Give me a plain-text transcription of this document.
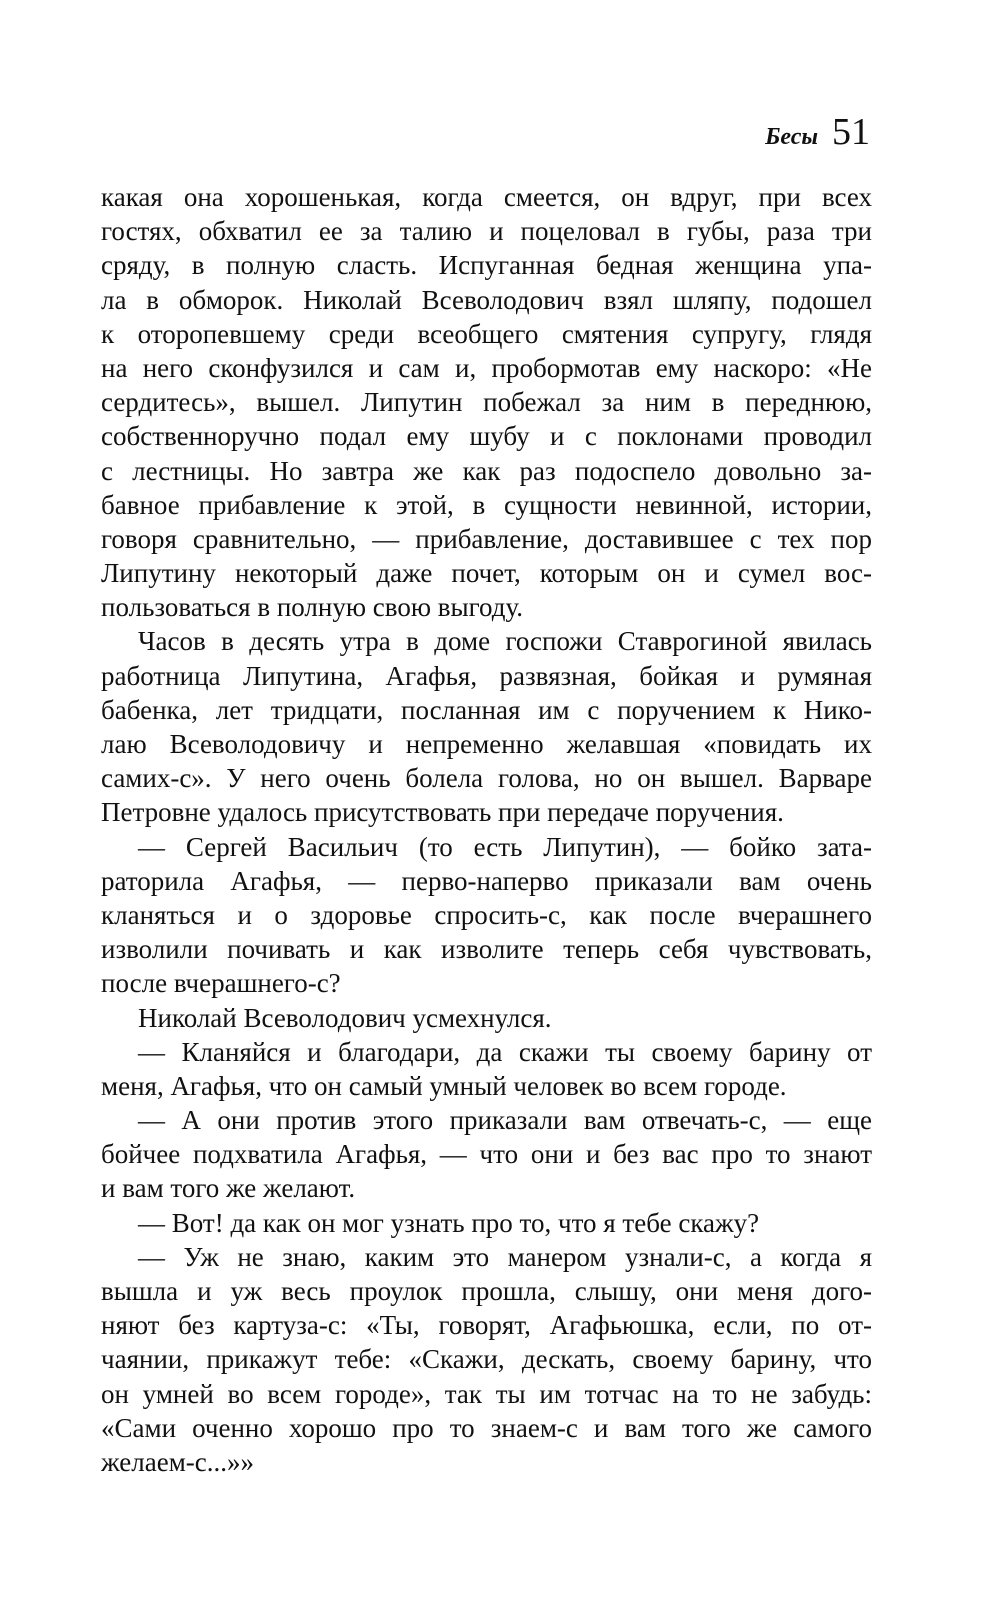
Бесы 51
какая она хорошенькая, когда смеется, он вдруг, при всех
гостях, обхватил ее за талию и поцеловал в губы, раза три
сряду, в полную сласть. Испуганная бедная женщина упа-
ла в обморок. Николай Всеволодович взял шляпу, подошел
к оторопевшему среди всеобщего смятения супругу, глядя
на него сконфузился и сам и, пробормотав ему наскоро: «Не
сердитесь», вышел. Липутин побежал за ним в переднюю,
собственноручно подал ему шубу и с поклонами проводил
с лестницы. Но завтра же как раз подоспело довольно за-
бавное прибавление к этой, в сущности невинной, истории,
говоря сравнительно, — прибавление, доставившее с тех пор
Липутину некоторый даже почет, которым он и сумел вос-
пользоваться в полную свою выгоду.
Часов в десять утра в доме госпожи Ставрогиной явилась
работница Липутина, Агафья, развязная, бойкая и румяная
бабенка, лет тридцати, посланная им с поручением к Нико-
лаю Всеволодовичу и непременно желавшая «повидать их
самих-с». У него очень болела голова, но он вышел. Варваре
Петровне удалось присутствовать при передаче поручения.
— Сергей Васильич (то есть Липутин), — бойко зата-
раторила Агафья, — перво-наперво приказали вам очень
кланяться и о здоровье спросить-с, как после вчерашнего
изволили почивать и как изволите теперь себя чувствовать,
после вчерашнего-с?
Николай Всеволодович усмехнулся.
— Кланяйся и благодари, да скажи ты своему барину от
меня, Агафья, что он самый умный человек во всем городе.
— А они против этого приказали вам отвечать-с, — еще
бойчее подхватила Агафья, — что они и без вас про то знают
и вам того же желают.
— Вот! да как он мог узнать про то, что я тебе скажу?
— Уж не знаю, каким это манером узнали-с, а когда я
вышла и уж весь проулок прошла, слышу, они меня дого-
няют без картуза-с: «Ты, говорят, Агафьюшка, если, по от-
чаянии, прикажут тебе: «Скажи, дескать, своему барину, что
он умней во всем городе», так ты им тотчас на то не забудь:
«Сами оченно хорошо про то знаем-с и вам того же самого
желаем-с...»»
